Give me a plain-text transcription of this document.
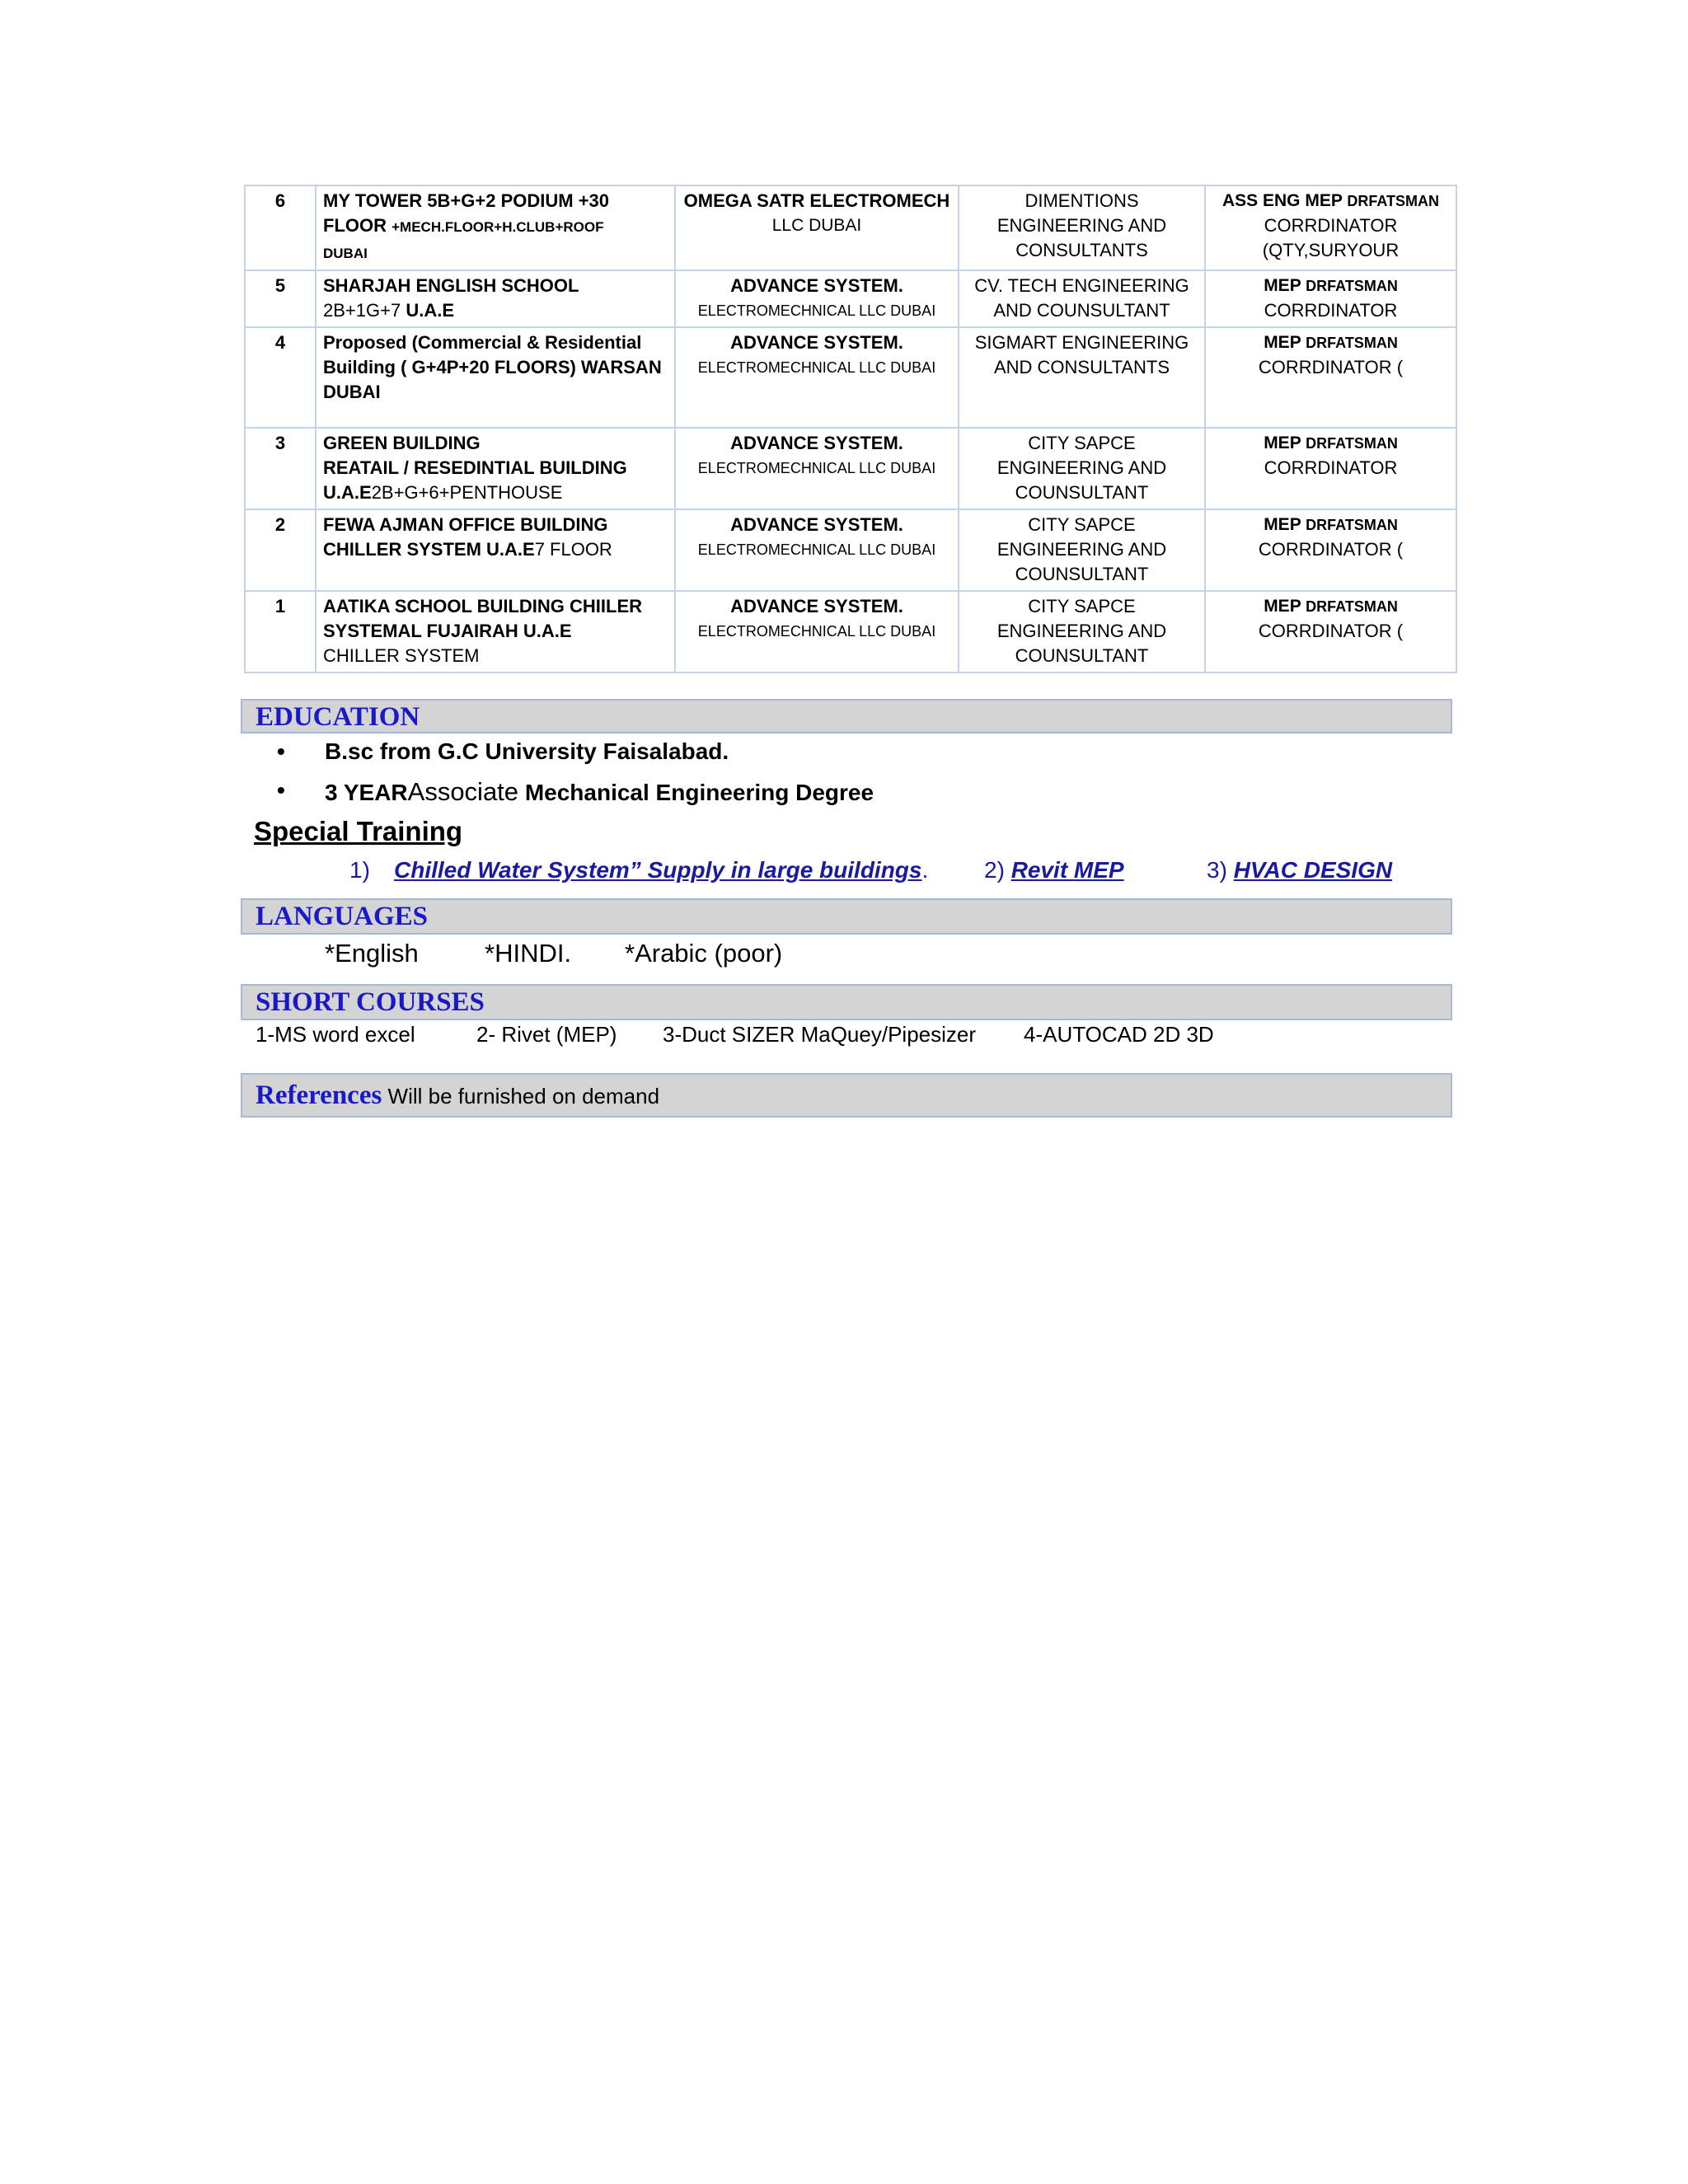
6	MY TOWER 5B+G+2 PODIUM +30
FLOOR +MECH.FLOOR+H.CLUB+ROOF
DUBAI	OMEGA SATR ELECTROMECH
LLC DUBAI	DIMENTIONS ENGINEERING AND CONSULTANTS	ASS ENG MEP DRFATSMAN
CORRDINATOR
(QTY,SURYOUR

5	SHARJAH ENGLISH SCHOOL
2B+1G+7 U.A.E	ADVANCE SYSTEM.
ELECTROMECHNICAL LLC DUBAI	CV. TECH ENGINEERING AND COUNSULTANT	MEP DRFATSMAN
CORRDINATOR

4	Proposed (Commercial & Residential Building ( G+4P+20 FLOORS) WARSAN DUBAI	ADVANCE SYSTEM.
ELECTROMECHNICAL LLC DUBAI	SIGMART ENGINEERING AND CONSULTANTS	MEP DRFATSMAN
CORRDINATOR (

3	GREEN BUILDING
REATAIL / RESEDINTIAL BUILDING
U.A.E2B+G+6+PENTHOUSE	ADVANCE SYSTEM.
ELECTROMECHNICAL LLC DUBAI	CITY SAPCE ENGINEERING AND COUNSULTANT	MEP DRFATSMAN
CORRDINATOR

2	FEWA AJMAN OFFICE BUILDING
CHILLER SYSTEM U.A.E7 FLOOR	ADVANCE SYSTEM.
ELECTROMECHNICAL LLC DUBAI	CITY SAPCE ENGINEERING AND COUNSULTANT	MEP DRFATSMAN
CORRDINATOR (

1	AATIKA SCHOOL BUILDING CHIILER SYSTEMAL FUJAIRAH U.A.E
CHILLER SYSTEM	ADVANCE SYSTEM.
ELECTROMECHNICAL LLC DUBAI	CITY SAPCE ENGINEERING AND COUNSULTANT	MEP DRFATSMAN
CORRDINATOR (
EDUCATION
• B.sc from G.C University Faisalabad.
• 3 YEARAssociate Mechanical Engineering Degree
Special Training
1) Chilled Water System” Supply in large buildings. 2) Revit MEP	3) HVAC DESIGN
LANGUAGES
*English	*HINDI. *Arabic (poor)
SHORT COURSES
1-MS word excel	2- Rivet (MEP) 3-Duct SIZER MaQuey/Pipesizer 4-AUTOCAD 2D 3D
References Will be furnished on demand
